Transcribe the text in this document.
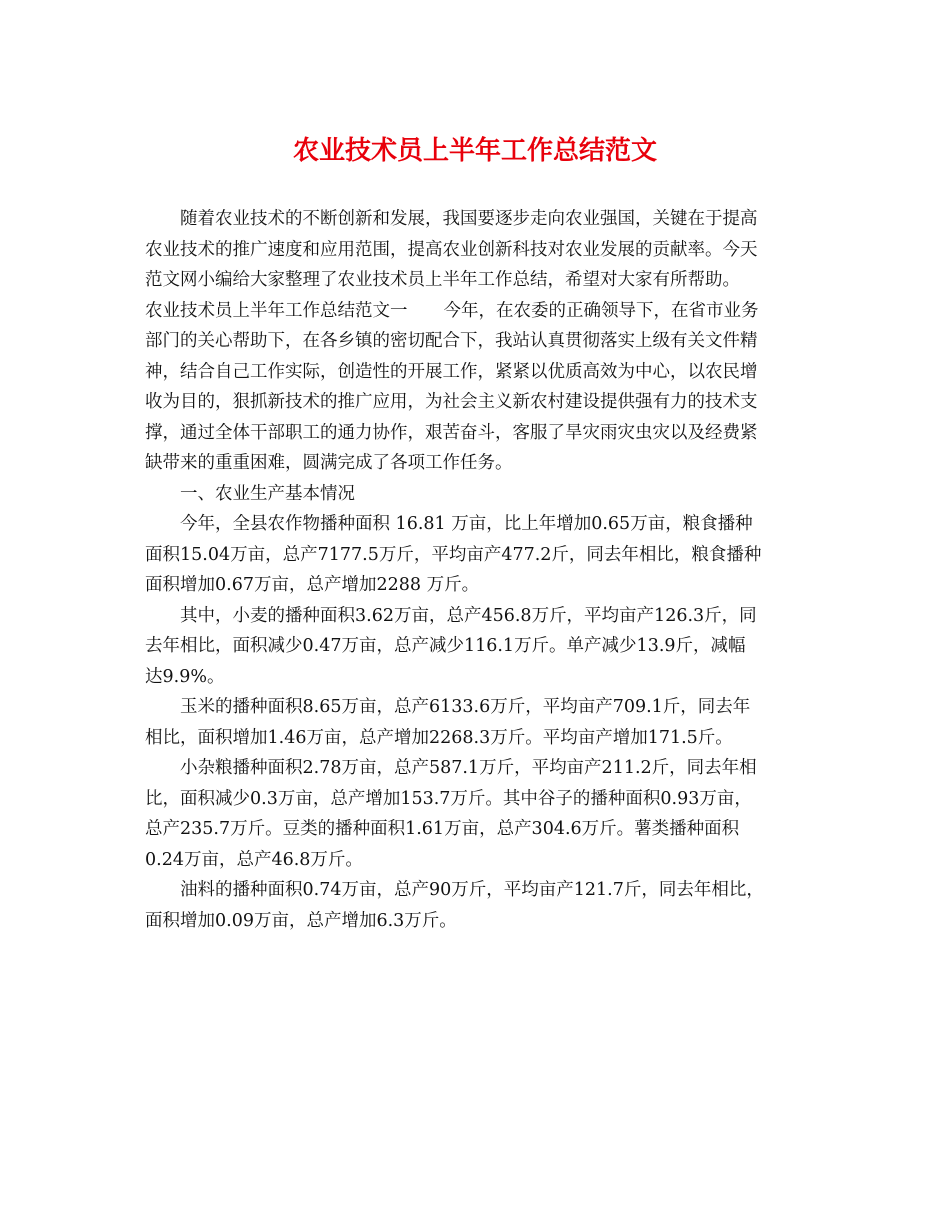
农业技术员上半年工作总结范文
随着农业技术的不断创新和发展，我国要逐步走向农业强国，关键在于提高
农业技术的推广速度和应用范围，提高农业创新科技对农业发展的贡献率。今天
范文网小编给大家整理了农业技术员上半年工作总结，希望对大家有所帮助。
农业技术员上半年工作总结范文一 今年，在农委的正确领导下，在省市业务
部门的关心帮助下，在各乡镇的密切配合下，我站认真贯彻落实上级有关文件精
神，结合自己工作实际，创造性的开展工作，紧紧以优质高效为中心，以农民增
收为目的，狠抓新技术的推广应用，为社会主义新农村建设提供强有力的技术支
撑，通过全体干部职工的通力协作，艰苦奋斗，客服了旱灾雨灾虫灾以及经费紧
缺带来的重重困难，圆满完成了各项工作任务。
一、农业生产基本情况
今年，全县农作物播种面积 16.81 万亩，比上年增加0.65万亩，粮食播种
面积15.04万亩，总产7177.5万斤，平均亩产477.2斤，同去年相比，粮食播种
面积增加0.67万亩，总产增加2288 万斤。
其中，小麦的播种面积3.62万亩，总产456.8万斤，平均亩产126.3斤，同
去年相比，面积减少0.47万亩，总产减少116.1万斤。单产减少13.9斤，减幅
达9.9%。
玉米的播种面积8.65万亩，总产6133.6万斤，平均亩产709.1斤，同去年
相比，面积增加1.46万亩，总产增加2268.3万斤。平均亩产增加171.5斤。
小杂粮播种面积2.78万亩，总产587.1万斤，平均亩产211.2斤，同去年相
比，面积减少0.3万亩，总产增加153.7万斤。其中谷子的播种面积0.93万亩，
总产235.7万斤。豆类的播种面积1.61万亩，总产304.6万斤。薯类播种面积
0.24万亩，总产46.8万斤。
油料的播种面积0.74万亩，总产90万斤，平均亩产121.7斤，同去年相比，
面积增加0.09万亩，总产增加6.3万斤。
